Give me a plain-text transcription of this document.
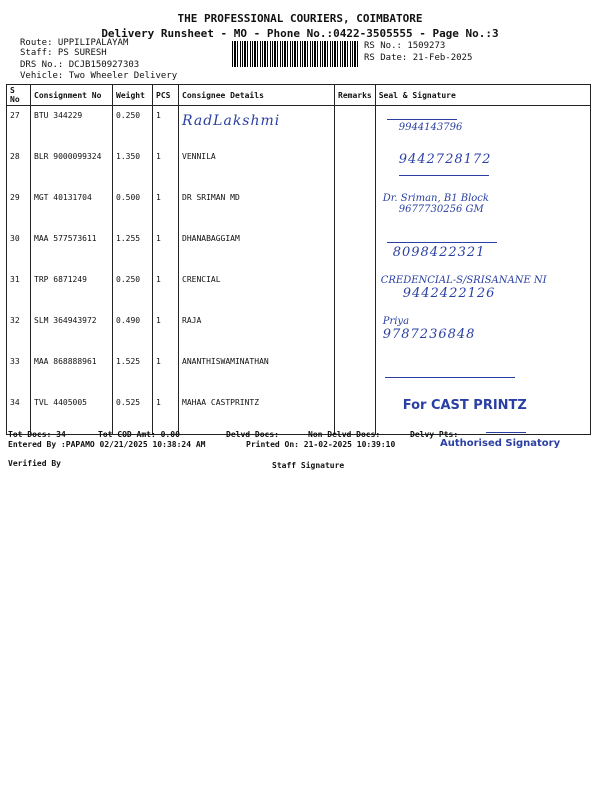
THE PROFESSIONAL COURIERS, COIMBATORE
Delivery Runsheet - MO - Phone No.:0422-3505555 - Page No.:3
Route: UPPILIPALAYAM
Staff: PS SURESH
DRS No.: DCJB150927303
Vehicle: Two Wheeler Delivery
RS No.: 1509273
RS Date: 21-Feb-2025
S No	Consignment No	Weight	PCS	Consignee Details	Remarks	Seal & Signature
27	BTU 344229	0.250	1	RadLakshmi		9944143796

28	BLR 9000099324	1.350	1	VENNILA		9442728172

29	MGT 40131704	0.500	1	DR SRIMAN MD		Dr. Sriman, B1 Block
9677730256 GM

30	MAA 577573611	1.255	1	DHANABAGGIAM		8098422321

31	TRP 6871249	0.250	1	CRENCIAL		CREDENCIAL-S/SRISANANE NI
9442422126

32	SLM 364943972	0.490	1	RAJA		Priya
9787236848

33	MAA 868888961	1.525	1	ANANTHISWAMINATHAN		
34	TVL 4405005	0.525	1	MAHAA CASTPRINTZ		For CAST PRINTZ
Tot Docs: 34	Tot COD Amt: 0.00	Delvd Docs:	Non Delvd Docs:	Delvy Pts:
Entered By :PAPAMO 02/21/2025 10:38:24 AM	Printed On: 21-02-2025 10:39:10	Authorised Signatory
Verified By	Staff Signature
